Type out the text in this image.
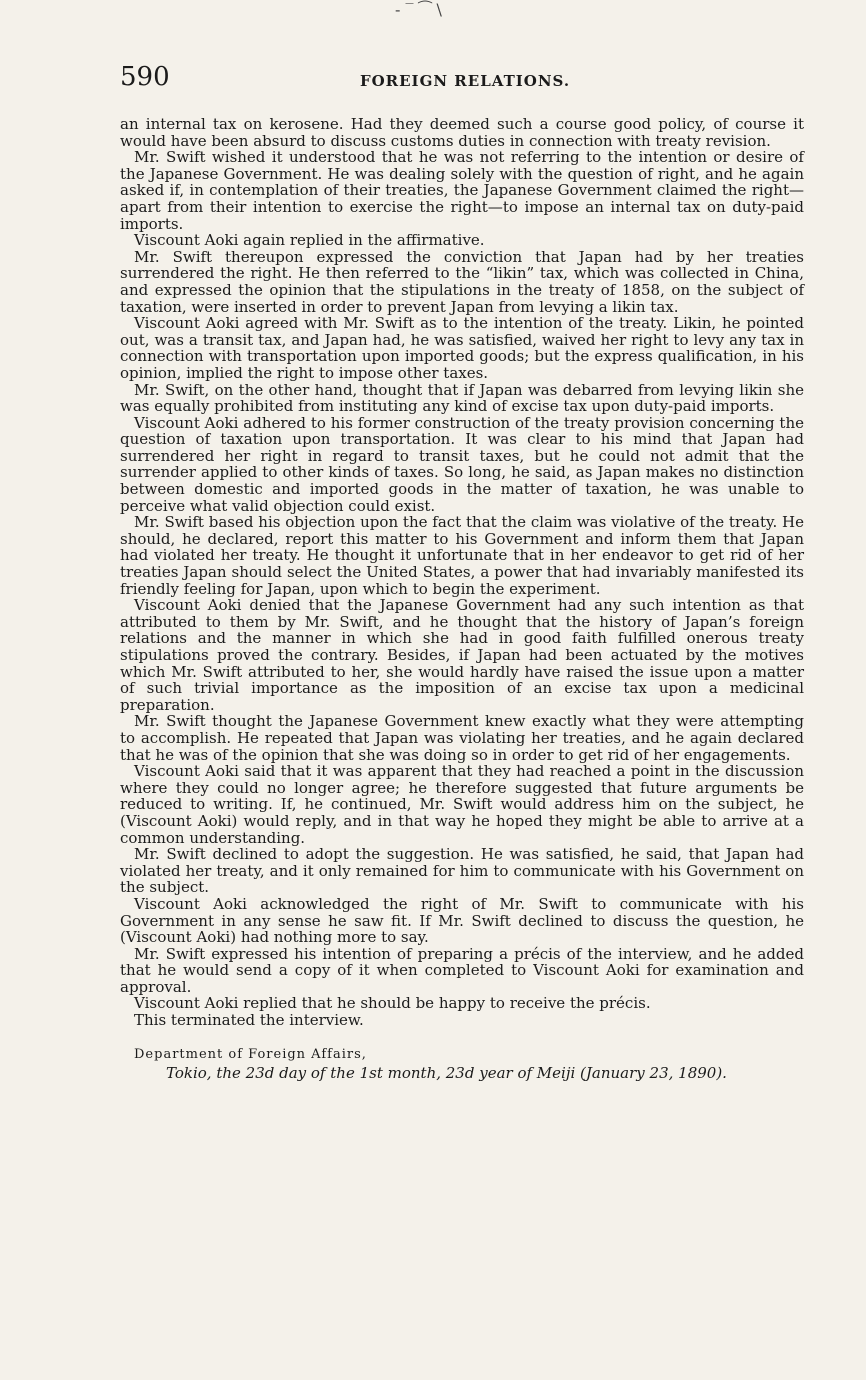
- ‾ ⁀ \
590	FOREIGN RELATIONS.

an internal tax on kerosene. Had they deemed such a course good policy, of course it would have been absurd to discuss customs duties in connection with treaty revision.

Mr. Swift wished it understood that he was not referring to the intention or desire of the Japanese Government. He was dealing solely with the question of right, and he again asked if, in contemplation of their treaties, the Japanese Government claimed the right—apart from their intention to exercise the right—to impose an internal tax on duty-paid imports.

Viscount Aoki again replied in the affirmative.

Mr. Swift thereupon expressed the conviction that Japan had by her treaties surrendered the right. He then referred to the “likin” tax, which was collected in China, and expressed the opinion that the stipulations in the treaty of 1858, on the subject of taxation, were inserted in order to prevent Japan from levying a likin tax.

Viscount Aoki agreed with Mr. Swift as to the intention of the treaty. Likin, he pointed out, was a transit tax, and Japan had, he was satisfied, waived her right to levy any tax in connection with transportation upon imported goods; but the express qualification, in his opinion, implied the right to impose other taxes.

Mr. Swift, on the other hand, thought that if Japan was debarred from levying likin she was equally prohibited from instituting any kind of excise tax upon duty-paid imports.

Viscount Aoki adhered to his former construction of the treaty provision concerning the question of taxation upon transportation. It was clear to his mind that Japan had surrendered her right in regard to transit taxes, but he could not admit that the surrender applied to other kinds of taxes. So long, he said, as Japan makes no distinction between domestic and imported goods in the matter of taxation, he was unable to perceive what valid objection could exist.

Mr. Swift based his objection upon the fact that the claim was violative of the treaty. He should, he declared, report this matter to his Government and inform them that Japan had violated her treaty. He thought it unfortunate that in her endeavor to get rid of her treaties Japan should select the United States, a power that had invariably manifested its friendly feeling for Japan, upon which to begin the experiment.

Viscount Aoki denied that the Japanese Government had any such intention as that attributed to them by Mr. Swift, and he thought that the history of Japan’s foreign relations and the manner in which she had in good faith fulfilled onerous treaty stipulations proved the contrary. Besides, if Japan had been actuated by the motives which Mr. Swift attributed to her, she would hardly have raised the issue upon a matter of such trivial importance as the imposition of an excise tax upon a medicinal preparation.

Mr. Swift thought the Japanese Government knew exactly what they were attempting to accomplish. He repeated that Japan was violating her treaties, and he again declared that he was of the opinion that she was doing so in order to get rid of her engagements.

Viscount Aoki said that it was apparent that they had reached a point in the discussion where they could no longer agree; he therefore suggested that future arguments be reduced to writing. If, he continued, Mr. Swift would address him on the subject, he (Viscount Aoki) would reply, and in that way he hoped they might be able to arrive at a common understanding.

Mr. Swift declined to adopt the suggestion. He was satisfied, he said, that Japan had violated her treaty, and it only remained for him to communicate with his Government on the subject.

Viscount Aoki acknowledged the right of Mr. Swift to communicate with his Government in any sense he saw fit. If Mr. Swift declined to discuss the question, he (Viscount Aoki) had nothing more to say.

Mr. Swift expressed his intention of preparing a précis of the interview, and he added that he would send a copy of it when completed to Viscount Aoki for examination and approval.

Viscount Aoki replied that he should be happy to receive the précis.

This terminated the interview.

Department of Foreign Affairs,

Tokio, the 23d day of the 1st month, 23d year of Meiji (January 23, 1890).
